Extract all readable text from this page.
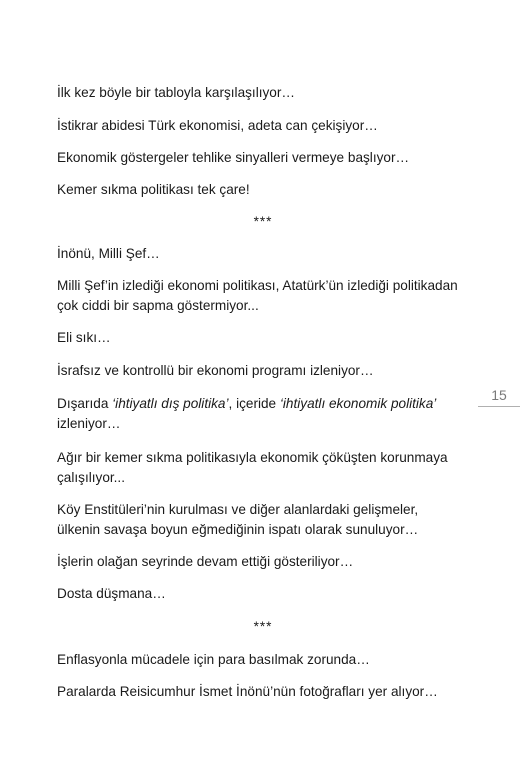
İlk kez böyle bir tabloyla karşılaşılıyor…

İstikrar abidesi Türk ekonomisi, adeta can çekişiyor…

Ekonomik göstergeler tehlike sinyalleri vermeye başlıyor…

Kemer sıkma politikası tek çare!

***

İnönü, Milli Şef…

Milli Şef’in izlediği ekonomi politikası, Atatürk’ün izlediği politikadan çok ciddi bir sapma göstermiyor...

Eli sıkı…

İsrafsız ve kontrollü bir ekonomi programı izleniyor…

Dışarıda ‘ihtiyatlı dış politika’, içeride ‘ihtiyatlı ekonomik politika’ izleniyor…

Ağır bir kemer sıkma politikasıyla ekonomik çöküşten korunmaya çalışılıyor...

Köy Enstitüleri’nin kurulması ve diğer alanlardaki gelişmeler, ülkenin savaşa boyun eğmediğinin ispatı olarak sunuluyor…

İşlerin olağan seyrinde devam ettiği gösteriliyor…

Dosta düşmana…

***

Enflasyonla mücadele için para basılmak zorunda…

Paralarda Reisicumhur İsmet İnönü’nün fotoğrafları yer alıyor…

15
